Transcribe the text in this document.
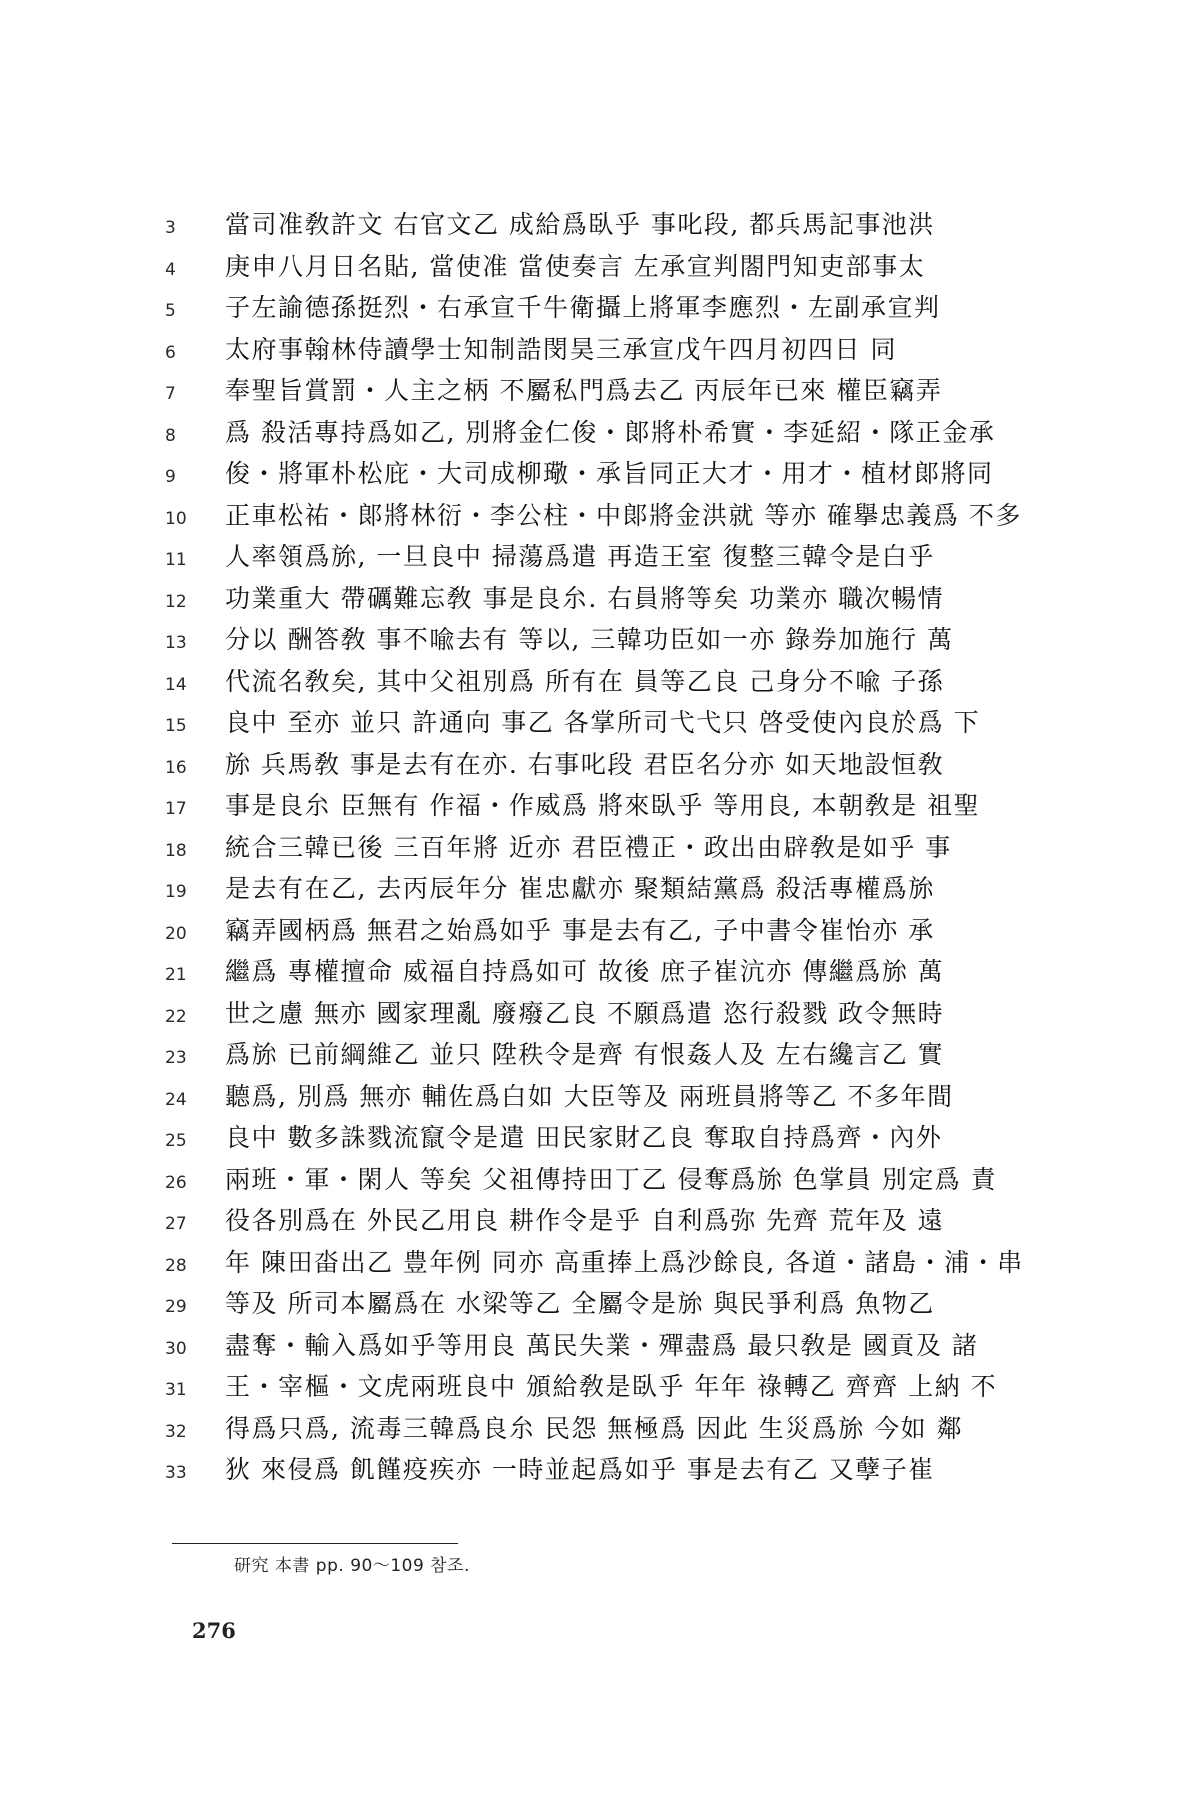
3	當司准敎許文 右官文乙 成給爲臥乎 事叱段, 都兵馬記事池洪
4	庚申八月日名貼, 當使准 當使奏言 左承宣判閤門知吏部事太
5	子左諭德孫挺烈・右承宣千牛衛攝上將軍李應烈・左副承宣判
6	太府事翰林侍讀學士知制誥閔昊三承宣戊午四月初四日 同
7	奉聖旨賞罰・人主之柄 不屬私門爲去乙 丙辰年已來 權臣竊弄
8	爲 殺活專持爲如乙, 別將金仁俊・郞將朴希實・李延紹・隊正金承
9	俊・將軍朴松庇・大司成柳璥・承旨同正大才・用才・植材郞將同
10	正車松祐・郞將林衍・李公柱・中郞將金洪就 等亦 確擧忠義爲 不多
11	人率領爲旀, 一旦良中 掃蕩爲遣 再造王室 復整三韓令是白乎
12	功業重大 帶礪難忘敎 事是良厼. 右員將等矣 功業亦 職次暢情
13	分以 酬答敎 事不喩去有 等以, 三韓功臣如一亦 錄券加施行 萬
14	代流名敎矣, 其中父祖別爲 所有在 員等乙良 己身分不喩 子孫
15	良中 至亦 並只 許通向 事乙 各掌所司弋弋只 啓受使內良於爲 下
16	旀 兵馬敎 事是去有在亦. 右事叱段 君臣名分亦 如天地設恒敎
17	事是良厼 臣無有 作福・作威爲 將來臥乎 等用良, 本朝敎是 祖聖
18	統合三韓已後 三百年將 近亦 君臣禮正・政出由辟敎是如乎 事
19	是去有在乙, 去丙辰年分 崔忠獻亦 聚類結黨爲 殺活專權爲旀
20	竊弄國柄爲 無君之始爲如乎 事是去有乙, 子中書令崔怡亦 承
21	繼爲 專權擅命 威福自持爲如可 故後 庶子崔沆亦 傳繼爲旀 萬
22	世之慮 無亦 國家理亂 廢癈乙良 不願爲遣 恣行殺戮 政令無時
23	爲旀 已前綱維乙 並只 陞秩令是齊 有恨姦人及 左右纔言乙 實
24	聽爲, 別爲 無亦 輔佐爲白如 大臣等及 兩班員將等乙 不多年間
25	良中 數多誅戮流竄令是遣 田民家財乙良 奪取自持爲齊・內外
26	兩班・軍・閑人 等矣 父祖傳持田丁乙 侵奪爲旀 色掌員 別定爲 責
27	役各別爲在 外民乙用良 耕作令是乎 自利爲弥 先齊 荒年及 遠
28	年 陳田畓出乙 豊年例 同亦 高重捧上爲沙餘良, 各道・諸島・浦・串
29	等及 所司本屬爲在 水梁等乙 全屬令是旀 與民爭利爲 魚物乙
30	盡奪・輸入爲如乎等用良 萬民失業・殫盡爲 最只敎是 國貢及 諸
31	王・宰樞・文虎兩班良中 頒給敎是臥乎 年年 祿轉乙 齊齊 上納 不
32	得爲只爲, 流毒三韓爲良厼 民怨 無極爲 因此 生災爲旀 今如 鄰
33	狄 來侵爲 飢饉疫疾亦 一時並起爲如乎 事是去有乙 又孽子崔
研究 本書 pp. 90～109 참조.
276
